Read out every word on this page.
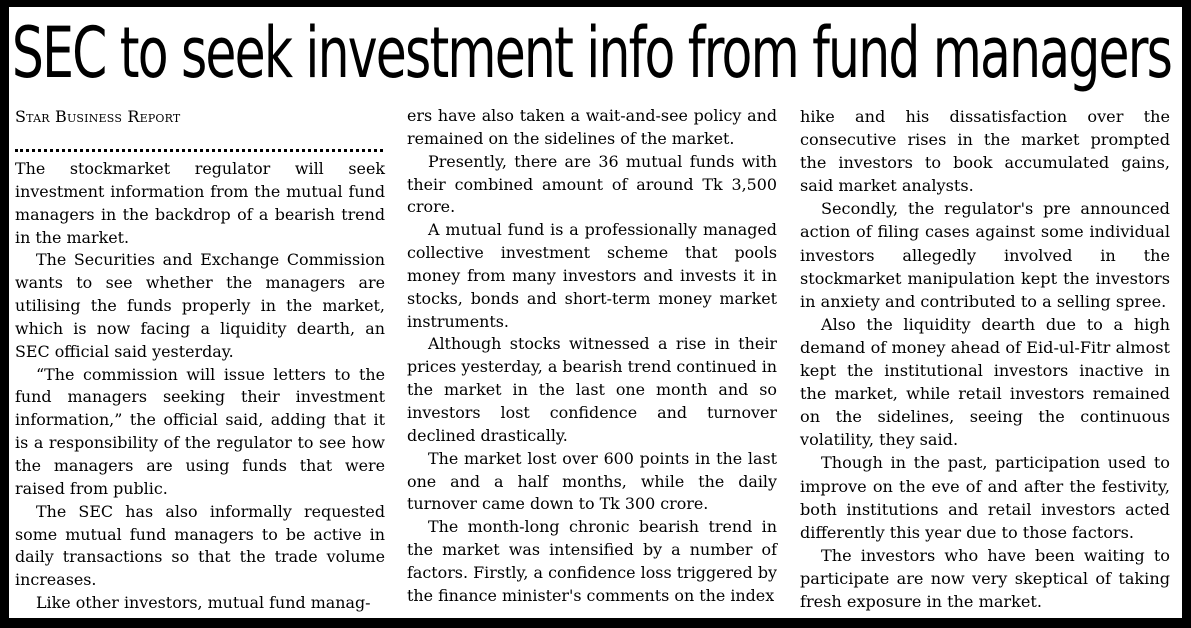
SEC to seek investment info from fund managers
Star Business Report

The stockmarket regulator will seek investment information from the mutual fund managers in the backdrop of a bearish trend in the market.

The Securities and Exchange Commission wants to see whether the managers are utilising the funds properly in the market, which is now facing a liquidity dearth, an SEC official said yesterday.

“The commission will issue letters to the fund managers seeking their investment information,” the official said, adding that it is a responsibility of the regulator to see how the managers are using funds that were raised from public.

The SEC has also informally requested some mutual fund managers to be active in daily transactions so that the trade volume increases.

Like other investors, mutual fund manag-

ers have also taken a wait-and-see policy and remained on the sidelines of the market.

Presently, there are 36 mutual funds with their combined amount of around Tk 3,500 crore.

A mutual fund is a professionally managed collective investment scheme that pools money from many investors and invests it in stocks, bonds and short-term money market instruments.

Although stocks witnessed a rise in their prices yesterday, a bearish trend continued in the market in the last one month and so investors lost confidence and turnover declined drastically.

The market lost over 600 points in the last one and a half months, while the daily turnover came down to Tk 300 crore.

The month-long chronic bearish trend in the market was intensified by a number of factors. Firstly, a confidence loss triggered by the finance minister's comments on the index

hike and his dissatisfaction over the consecutive rises in the market prompted the investors to book accumulated gains, said market analysts.

Secondly, the regulator's pre announced action of filing cases against some individual investors allegedly involved in the stockmarket manipulation kept the investors in anxiety and contributed to a selling spree.

Also the liquidity dearth due to a high demand of money ahead of Eid-ul-Fitr almost kept the institutional investors inactive in the market, while retail investors remained on the sidelines, seeing the continuous volatility, they said.

Though in the past, participation used to improve on the eve of and after the festivity, both institutions and retail investors acted differently this year due to those factors.

The investors who have been waiting to participate are now very skeptical of taking fresh exposure in the market.
